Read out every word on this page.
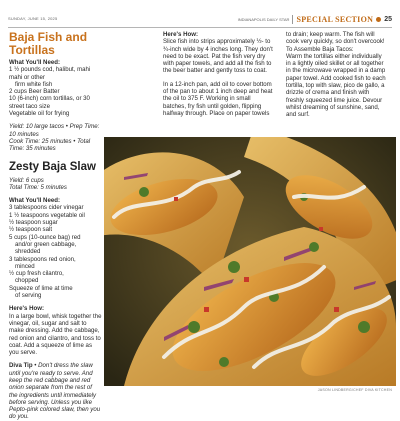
SUNDAY, JUNE 15, 2025	INDIANAPOLIS DAILY STAR SPECIAL SECTION 25
Baja Fish and Tortillas

What You'll Need:

1 ½ pounds cod, halibut, mahi mahi or other

firm white fish

2 cups Beer Batter

10 (6-inch) corn tortillas, or 30 street taco size

Vegetable oil for frying

Yield: 10 large tacos • Prep Time: 10 minutes

Cook Time: 25 minutes • Total Time: 35 minutes

Zesty Baja Slaw

Yield: 6 cups

Total Time: 5 minutes

What You'll Need:

3 tablespoons cider vinegar

1 ½ teaspoons vegetable oil

½ teaspoon sugar

½ teaspoon salt

5 cups (10-ounce bag) red

and/or green cabbage,

shredded

3 tablespoons red onion,

minced

½ cup fresh cilantro,

chopped

Squeeze of lime at time

of serving

Here's How:

In a large bowl, whisk together the vinegar, oil, sugar and salt to make dressing. Add the cabbage, red onion and cilantro, and toss to coat. Add a squeeze of lime as you serve.

Diva Tip • Don't dress the slaw until you're ready to serve. And keep the red cabbage and red onion separate from the rest of the ingredients until immediately before serving. Unless you like Pepto-pink colored slaw, then you do you.

Here's How:

Slice fish into strips approximately ½- to ¾-inch wide by 4 inches long. They don't need to be exact. Pat the fish very dry with paper towels, and add all the fish to the beer batter and gently toss to coat.

In a 12-inch pan, add oil to cover bottom of the pan to about 1 inch deep and heat the oil to 375 F. Working in small batches, fry fish until golden, flipping halfway through. Place on paper towels

to drain; keep warm. The fish will cook very quickly, so don't overcook!

To Assemble Baja Tacos:

Warm the tortillas either individually in a lightly oiled skillet or all together in the microwave wrapped in a damp paper towel. Add cooked fish to each tortilla, top with slaw, pico de gallo, a drizzle of crema and finish with freshly squeezed lime juice. Devour whilst dreaming of sunshine, sand, and surf.

JASON LINDBERG/CHEF DIVA KITCHEN
